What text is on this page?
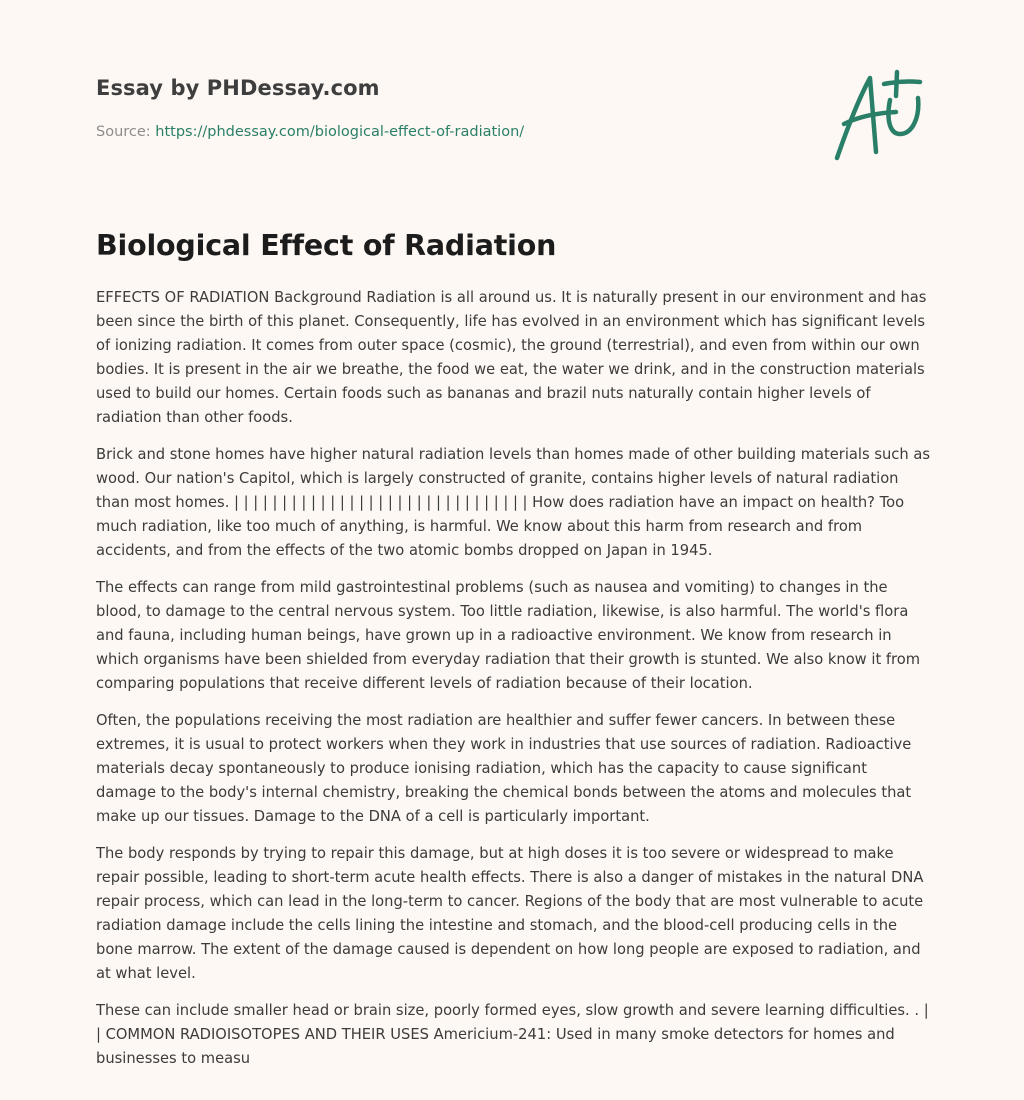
Essay by PHDessay.com
Source: https://phdessay.com/biological-effect-of-radiation/
Biological Effect of Radiation

EFFECTS OF RADIATION Background Radiation is all around us. It is naturally present in our environment and has been since the birth of this planet. Consequently, life has evolved in an environment which has significant levels of ionizing radiation. It comes from outer space (cosmic), the ground (terrestrial), and even from within our own bodies. It is present in the air we breathe, the food we eat, the water we drink, and in the construction materials used to build our homes. Certain foods such as bananas and brazil nuts naturally contain higher levels of radiation than other foods.

Brick and stone homes have higher natural radiation levels than homes made of other building materials such as wood. Our nation's Capitol, which is largely constructed of granite, contains higher levels of natural radiation than most homes. | | | | | | | | | | | | | | | | | | | | | | | | | | | | | | | How does radiation have an impact on health? Too much radiation, like too much of anything, is harmful. We know about this harm from research and from accidents, and from the effects of the two atomic bombs dropped on Japan in 1945.

The effects can range from mild gastrointestinal problems (such as nausea and vomiting) to changes in the blood, to damage to the central nervous system. Too little radiation, likewise, is also harmful. The world's flora and fauna, including human beings, have grown up in a radioactive environment. We know from research in which organisms have been shielded from everyday radiation that their growth is stunted. We also know it from comparing populations that receive different levels of radiation because of their location.

Often, the populations receiving the most radiation are healthier and suffer fewer cancers. In between these extremes, it is usual to protect workers when they work in industries that use sources of radiation. Radioactive materials decay spontaneously to produce ionising radiation, which has the capacity to cause significant damage to the body's internal chemistry, breaking the chemical bonds between the atoms and molecules that make up our tissues. Damage to the DNA of a cell is particularly important.

The body responds by trying to repair this damage, but at high doses it is too severe or widespread to make repair possible, leading to short-term acute health effects. There is also a danger of mistakes in the natural DNA repair process, which can lead in the long-term to cancer. Regions of the body that are most vulnerable to acute radiation damage include the cells lining the intestine and stomach, and the blood-cell producing cells in the bone marrow. The extent of the damage caused is dependent on how long people are exposed to radiation, and at what level.

These can include smaller head or brain size, poorly formed eyes, slow growth and severe learning difficulties. . | | COMMON RADIOISOTOPES AND THEIR USES Americium-241: Used in many smoke detectors for homes and businesses to measu
